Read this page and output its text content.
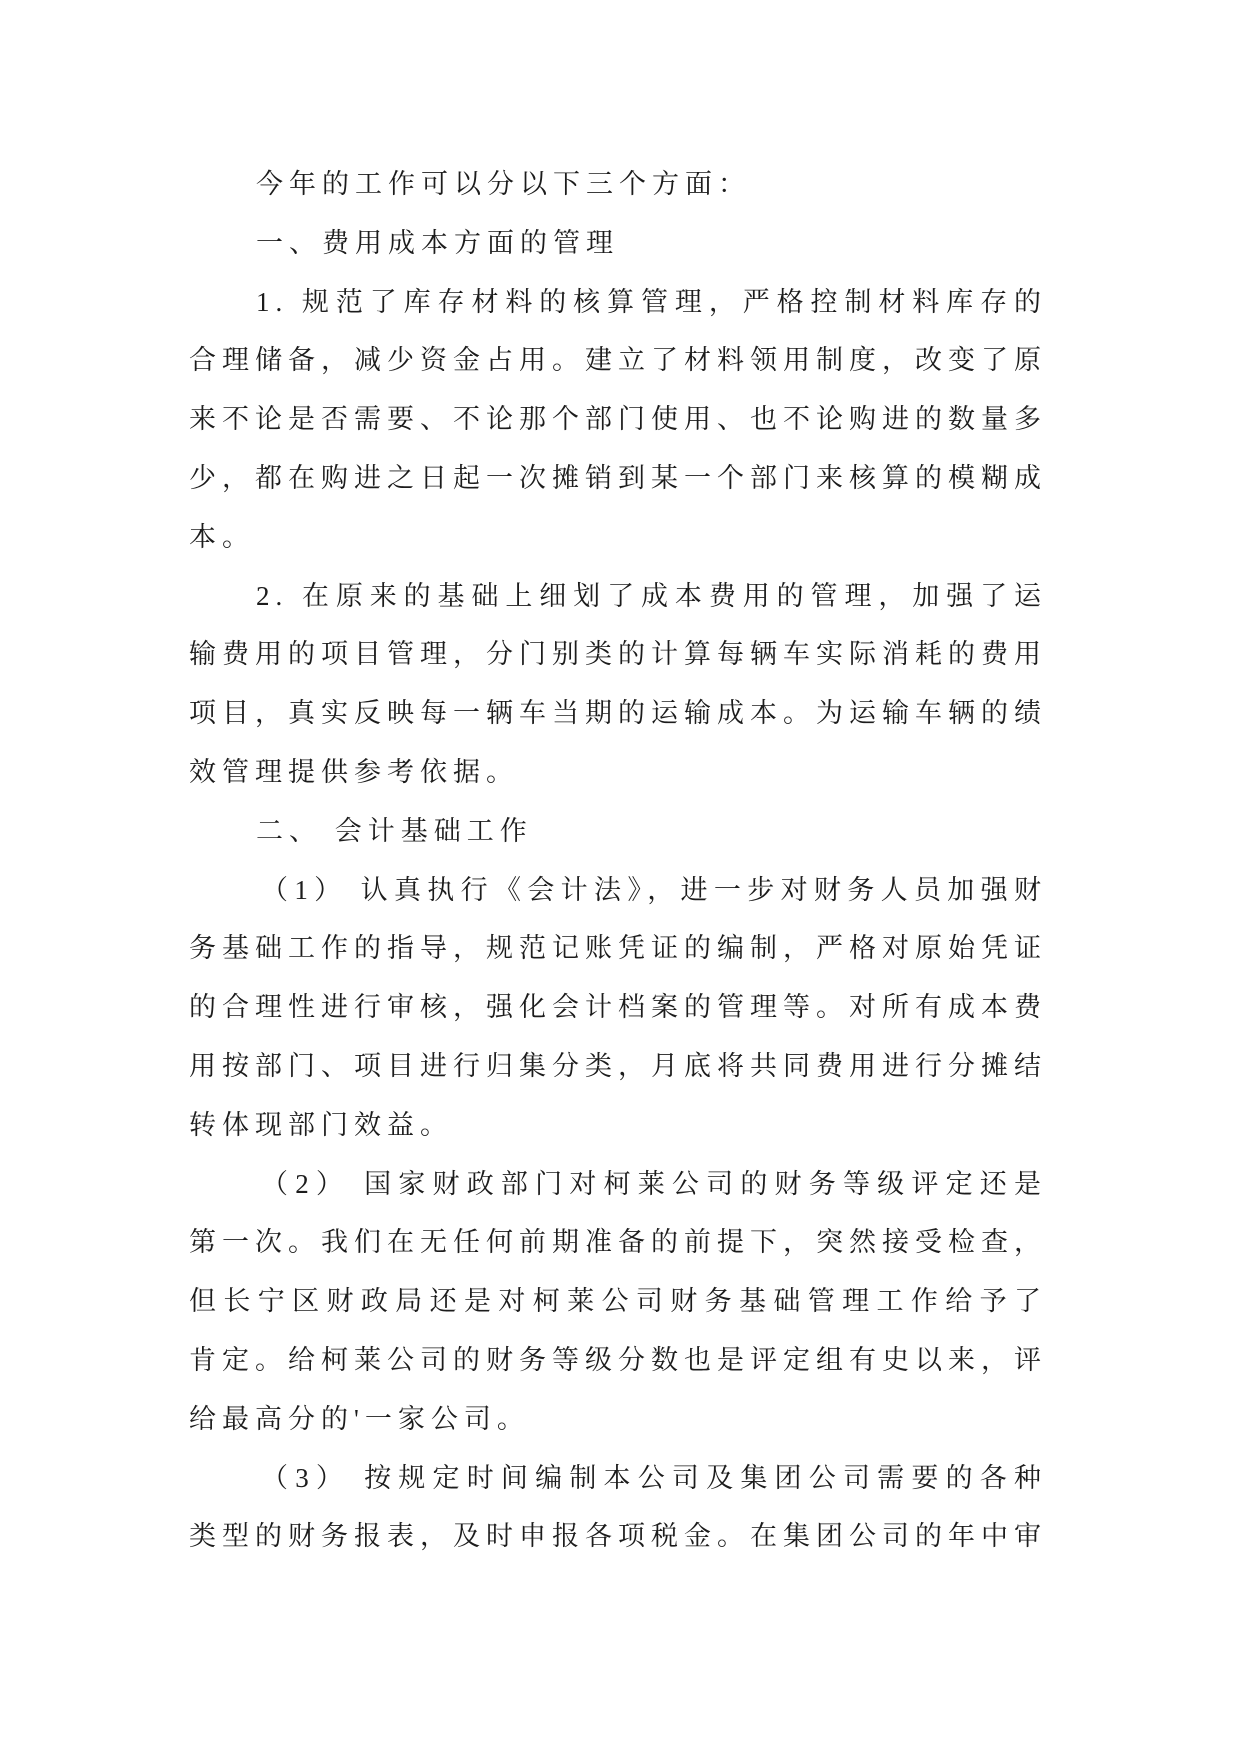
今年的工作可以分以下三个方面：
一、费用成本方面的管理
1. 规范了库存材料的核算管理，严格控制材料库存的
合理储备，减少资金占用。建立了材料领用制度，改变了原
来不论是否需要、不论那个部门使用、也不论购进的数量多
少，都在购进之日起一次摊销到某一个部门来核算的模糊成
本。
2. 在原来的基础上细划了成本费用的管理，加强了运
输费用的项目管理，分门别类的计算每辆车实际消耗的费用
项目，真实反映每一辆车当期的运输成本。为运输车辆的绩
效管理提供参考依据。
二、 会计基础工作
（1） 认真执行《会计法》，进一步对财务人员加强财
务基础工作的指导，规范记账凭证的编制，严格对原始凭证
的合理性进行审核，强化会计档案的管理等。对所有成本费
用按部门、项目进行归集分类，月底将共同费用进行分摊结
转体现部门效益。
（2） 国家财政部门对柯莱公司的财务等级评定还是
第一次。我们在无任何前期准备的前提下，突然接受检查，
但长宁区财政局还是对柯莱公司财务基础管理工作给予了
肯定。给柯莱公司的财务等级分数也是评定组有史以来，评
给最高分的'一家公司。
（3） 按规定时间编制本公司及集团公司需要的各种
类型的财务报表，及时申报各项税金。在集团公司的年中审
